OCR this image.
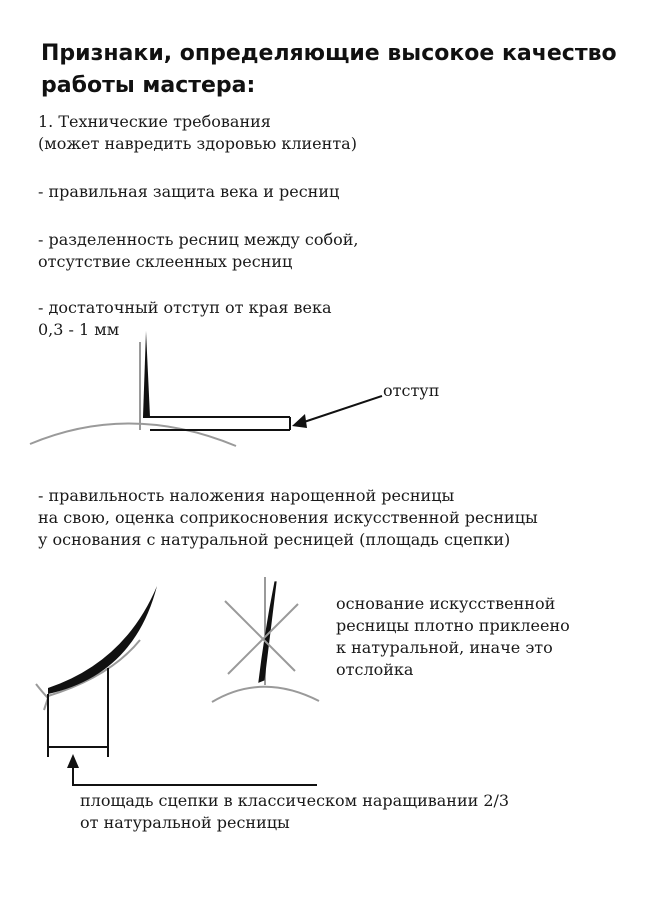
Признаки, определяющие высокое качество
работы мастера:

1. Технические требования
(может навредить здоровью клиента)

- правильная защита века и ресниц

- разделенность ресниц между собой,
отсутствие склеенных ресниц

- достаточный отступ от края века
0,3 - 1 мм

отступ

- правильность наложения нарощенной ресницы
на свою, оценка соприкосновения искусственной ресницы
у основания с натуральной ресницей (площадь сцепки)

основание искусственной
ресницы плотно приклеено
к натуральной, иначе это
отслойка

площадь сцепки в классическом наращивании 2/3
от натуральной ресницы
